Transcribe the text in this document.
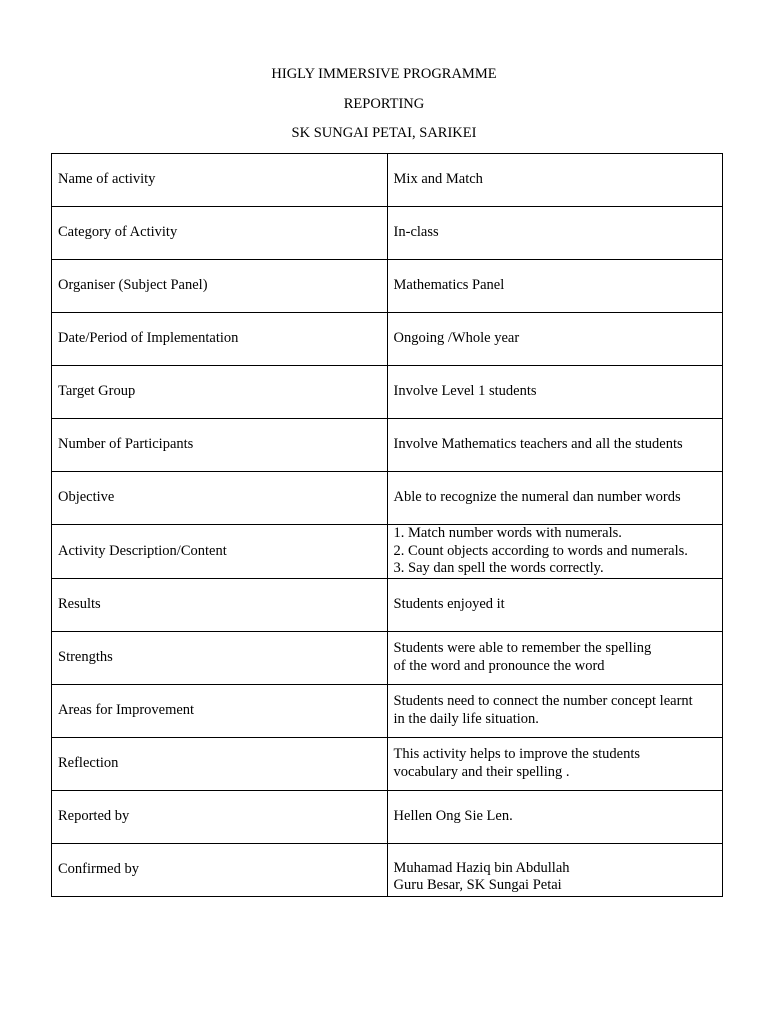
HIGLY IMMERSIVE PROGRAMME
REPORTING
SK SUNGAI PETAI, SARIKEI
Name of activity	Mix and Match

Category of Activity	In-class

Organiser (Subject Panel)	Mathematics Panel

Date/Period of Implementation	Ongoing /Whole year

Target Group	Involve Level 1 students

Number of Participants	Involve Mathematics teachers and all the students

Objective	Able to recognize the numeral dan number words

Activity Description/Content	1. Match number words with numerals.
2. Count objects according to words and numerals.
3. Say dan spell the words correctly.

Results	Students enjoyed it

Strengths	Students were able to remember the spelling
of the word and pronounce the word

Areas for Improvement	Students need to connect the number concept learnt
in the daily life situation.

Reflection	This activity helps to improve the students
vocabulary and their spelling .

Reported by	Hellen Ong Sie Len.

Confirmed by	Muhamad Haziq bin Abdullah
Guru Besar, SK Sungai Petai
